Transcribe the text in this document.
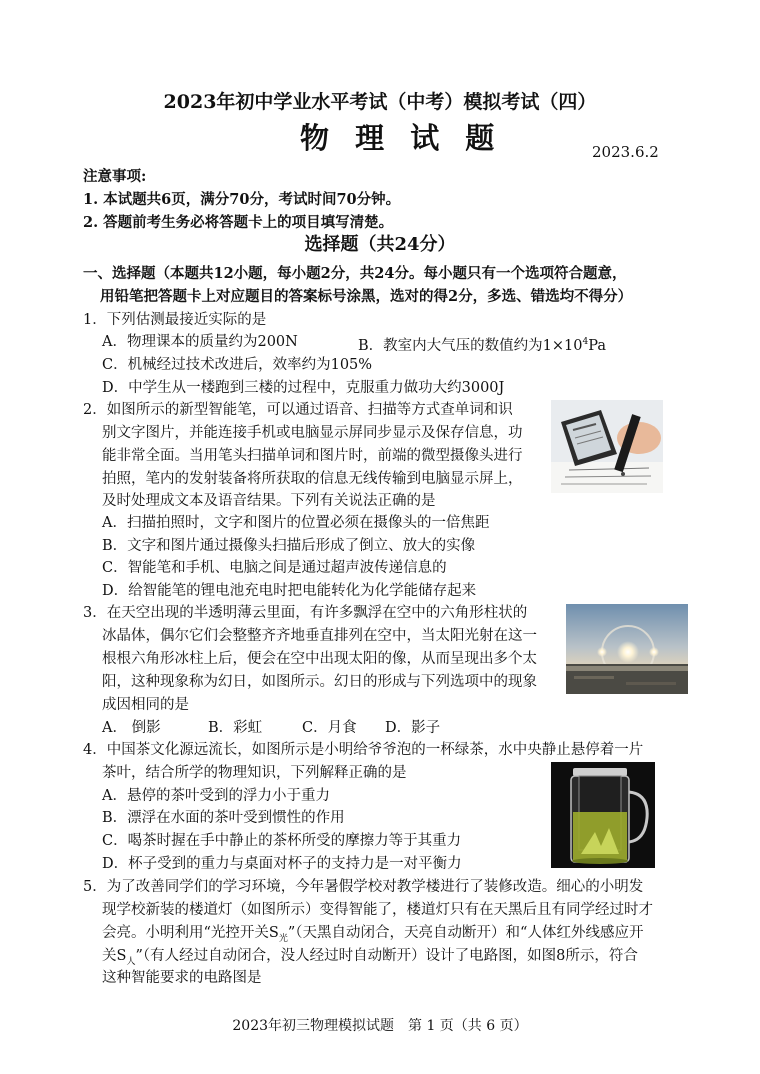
2023年初中学业水平考试（中考）模拟考试（四）
物 理 试 题	2023.6.2
注意事项:
1. 本试题共6页，满分70分，考试时间70分钟。
2. 答题前考生务必将答题卡上的项目填写清楚。
选择题（共24分）
一、选择题（本题共12小题，每小题2分，共24分。每小题只有一个选项符合题意，
用铅笔把答题卡上对应题目的答案标号涂黑，选对的得2分，多选、错选均不得分）
1．下列估测最接近实际的是
A．物理课本的质量约为200N	B．教室内大气压的数值约为$1\times 10^4Pa$
C．机械经过技术改进后，效率约为105%
D．中学生从一楼跑到三楼的过程中，克服重力做功大约3000J
2．如图所示的新型智能笔，可以通过语音、扫描等方式查单词和识
别文字图片，并能连接手机或电脑显示屏同步显示及保存信息，功
能非常全面。当用笔头扫描单词和图片时，前端的微型摄像头进行
拍照，笔内的发射装备将所获取的信息无线传输到电脑显示屏上，
及时处理成文本及语音结果。下列有关说法正确的是
A．扫描拍照时，文字和图片的位置必须在摄像头的一倍焦距
B．文字和图片通过摄像头扫描后形成了倒立、放大的实像
C．智能笔和手机、电脑之间是通过超声波传递信息的
D．给智能笔的锂电池充电时把电能转化为化学能储存起来
3．在天空出现的半透明薄云里面，有许多飘浮在空中的六角形柱状的
冰晶体，偶尔它们会整整齐齐地垂直排列在空中，当太阳光射在这一
根根六角形冰柱上后，便会在空中出现太阳的像，从而呈现出多个太
阳，这种现象称为幻日，如图所示。幻日的形成与下列选项中的现象
成因相同的是
A． 倒影	B．彩虹	C．月食 D．影子
4．中国茶文化源远流长，如图所示是小明给爷爷泡的一杯绿茶，水中央静止悬停着一片
茶叶，结合所学的物理知识，下列解释正确的是
A．悬停的茶叶受到的浮力小于重力
B．漂浮在水面的茶叶受到惯性的作用
C．喝茶时握在手中静止的茶杯所受的摩擦力等于其重力
D．杯子受到的重力与桌面对杯子的支持力是一对平衡力
5．为了改善同学们的学习环境，今年暑假学校对教学楼进行了装修改造。细心的小明发
现学校新装的楼道灯（如图所示）变得智能了，楼道灯只有在天黑后且有同学经过时才
会亮。小明利用“光控开关$S_光$”（天黑自动闭合，天亮自动断开）和“人体红外线感应开
关$S_人$”（有人经过自动闭合，没人经过时自动断开）设计了电路图，如图8所示，符合
这种智能要求的电路图是
2023年初三物理模拟试题　第 1 页（共 6 页）
